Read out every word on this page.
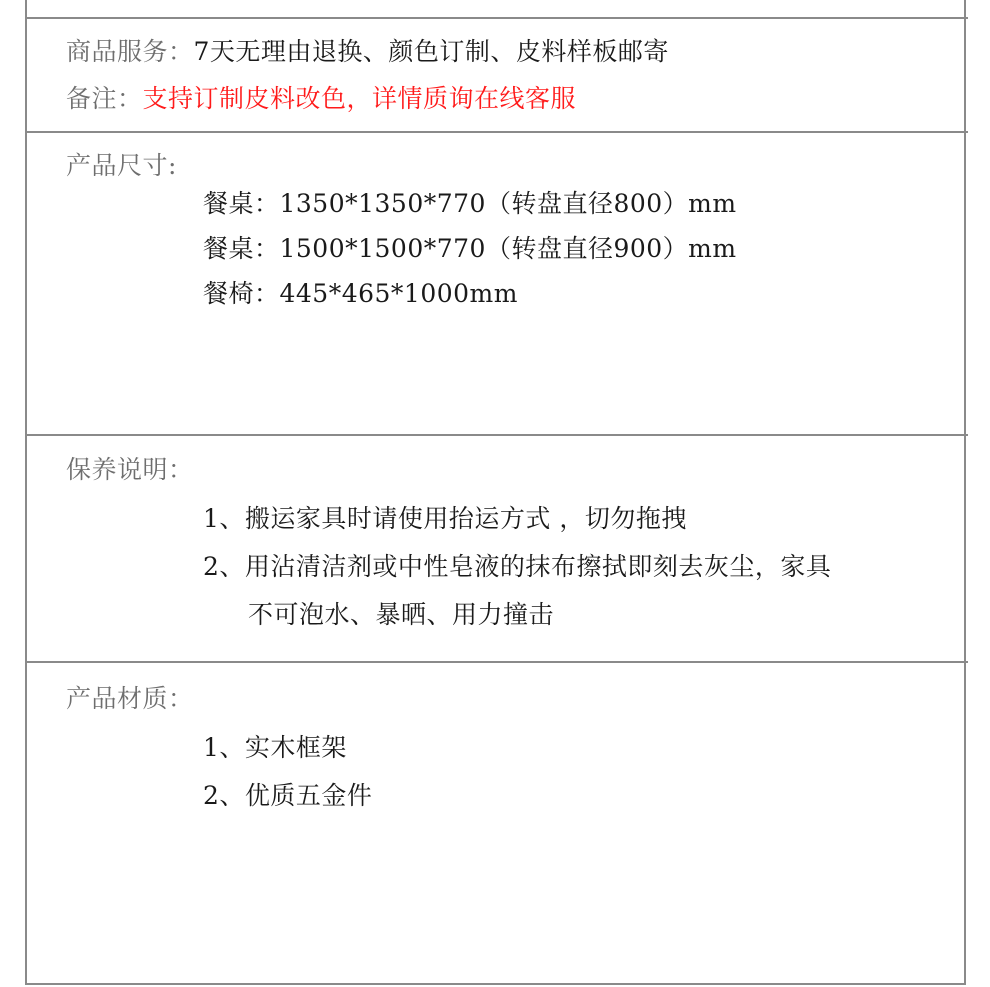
商品服务：7天无理由退换、颜色订制、皮料样板邮寄
备注：支持订制皮料改色，详情质询在线客服
产品尺寸:
餐桌：1350*1350*770（转盘直径800）mm
餐桌：1500*1500*770（转盘直径900）mm
餐椅：445*465*1000mm
保养说明：
1、搬运家具时请使用抬运方式 ，切勿拖拽
2、用沾清洁剂或中性皂液的抹布擦拭即刻去灰尘，家具
不可泡水、暴晒、用力撞击
产品材质：
1、实木框架
2、优质五金件
